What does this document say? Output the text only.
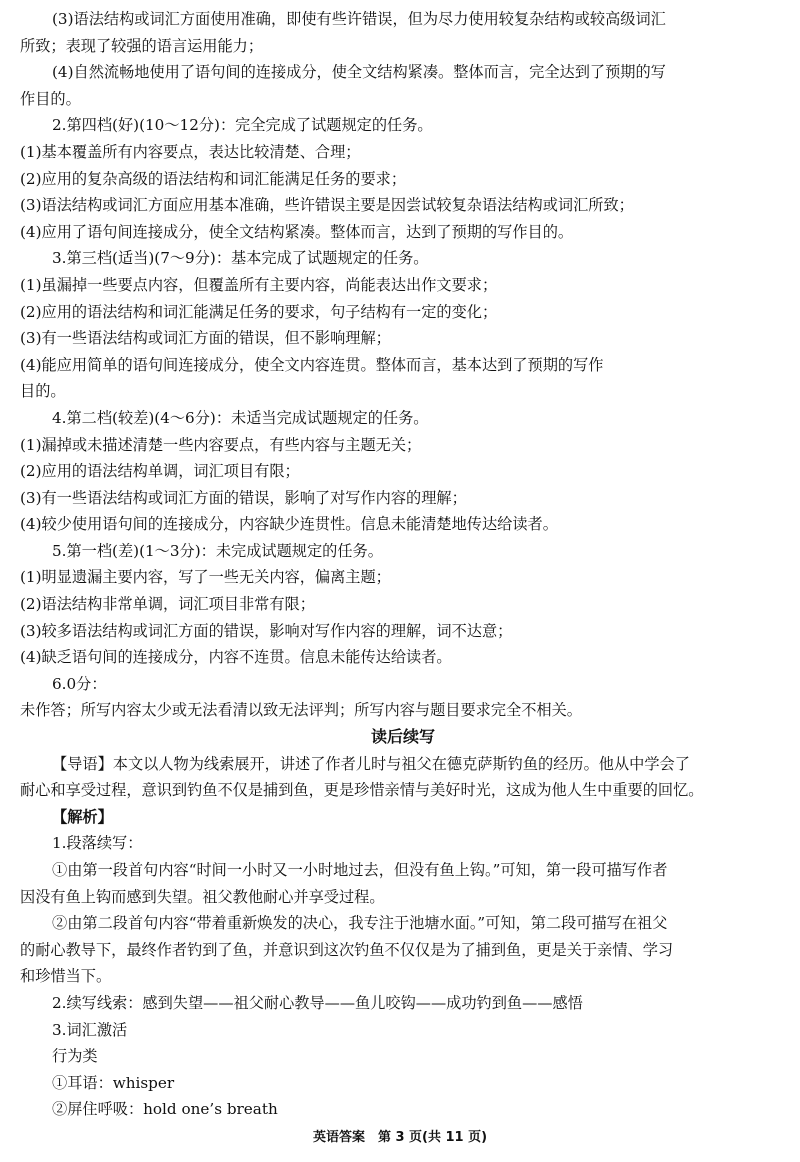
(3)语法结构或词汇方面使用准确，即使有些许错误，但为尽力使用较复杂结构或较高级词汇
所致；表现了较强的语言运用能力；
(4)自然流畅地使用了语句间的连接成分，使全文结构紧凑。整体而言，完全达到了预期的写
作目的。
2.第四档(好)(10～12分)：完全完成了试题规定的任务。
(1)基本覆盖所有内容要点，表达比较清楚、合理；
(2)应用的复杂高级的语法结构和词汇能满足任务的要求；
(3)语法结构或词汇方面应用基本准确，些许错误主要是因尝试较复杂语法结构或词汇所致；
(4)应用了语句间连接成分，使全文结构紧凑。整体而言，达到了预期的写作目的。
3.第三档(适当)(7～9分)：基本完成了试题规定的任务。
(1)虽漏掉一些要点内容，但覆盖所有主要内容，尚能表达出作文要求；
(2)应用的语法结构和词汇能满足任务的要求，句子结构有一定的变化；
(3)有一些语法结构或词汇方面的错误，但不影响理解；
(4)能应用简单的语句间连接成分，使全文内容连贯。整体而言，基本达到了预期的写作
目的。
4.第二档(较差)(4～6分)：未适当完成试题规定的任务。
(1)漏掉或未描述清楚一些内容要点，有些内容与主题无关；
(2)应用的语法结构单调，词汇项目有限；
(3)有一些语法结构或词汇方面的错误，影响了对写作内容的理解；
(4)较少使用语句间的连接成分，内容缺少连贯性。信息未能清楚地传达给读者。
5.第一档(差)(1～3分)：未完成试题规定的任务。
(1)明显遗漏主要内容，写了一些无关内容，偏离主题；
(2)语法结构非常单调，词汇项目非常有限；
(3)较多语法结构或词汇方面的错误，影响对写作内容的理解，词不达意；
(4)缺乏语句间的连接成分，内容不连贯。信息未能传达给读者。
6.0分：
未作答；所写内容太少或无法看清以致无法评判；所写内容与题目要求完全不相关。
读后续写
【导语】本文以人物为线索展开，讲述了作者儿时与祖父在德克萨斯钓鱼的经历。他从中学会了
耐心和享受过程，意识到钓鱼不仅是捕到鱼，更是珍惜亲情与美好时光，这成为他人生中重要的回忆。
【解析】
1.段落续写：
①由第一段首句内容“时间一小时又一小时地过去，但没有鱼上钩。”可知，第一段可描写作者
因没有鱼上钩而感到失望。祖父教他耐心并享受过程。
②由第二段首句内容“带着重新焕发的决心，我专注于池塘水面。”可知，第二段可描写在祖父
的耐心教导下，最终作者钓到了鱼，并意识到这次钓鱼不仅仅是为了捕到鱼，更是关于亲情、学习
和珍惜当下。
2.续写线索：感到失望——祖父耐心教导——鱼儿咬钩——成功钓到鱼——感悟
3.词汇激活
行为类
①耳语：whisper
②屏住呼吸：hold one’s breath
英语答案　第 3 页(共 11 页)
